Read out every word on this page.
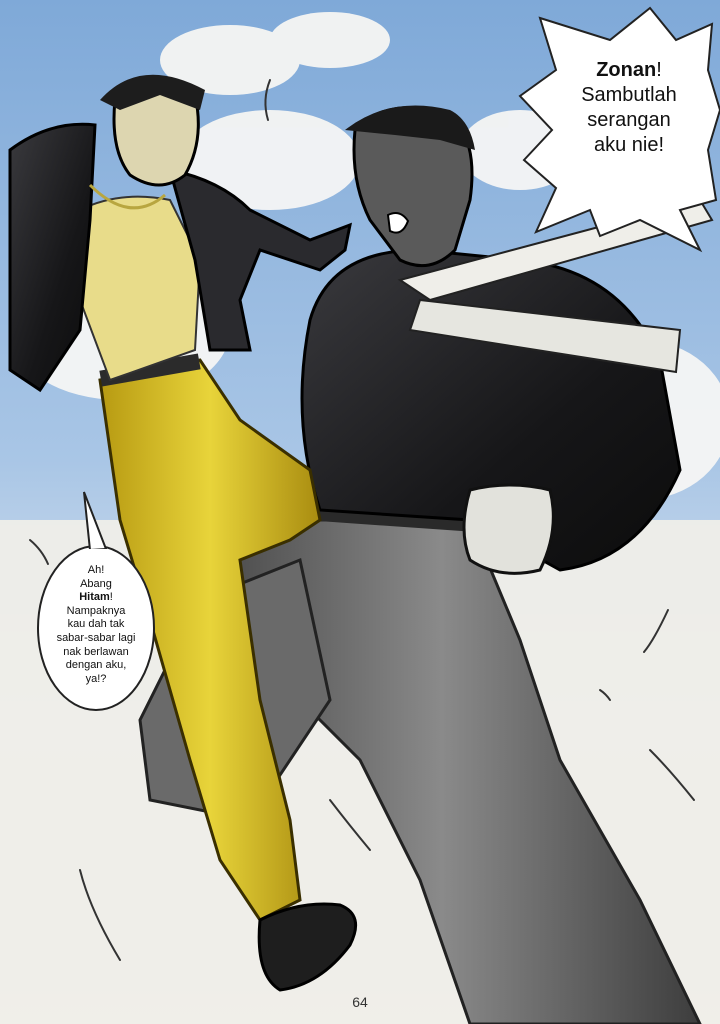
Zonan!
Sambutlah
serangan
aku nie!
Ah!
Abang
Hitam!
Nampaknya
kau dah tak
sabar-sabar lagi
nak berlawan
dengan aku,
ya!?
64
